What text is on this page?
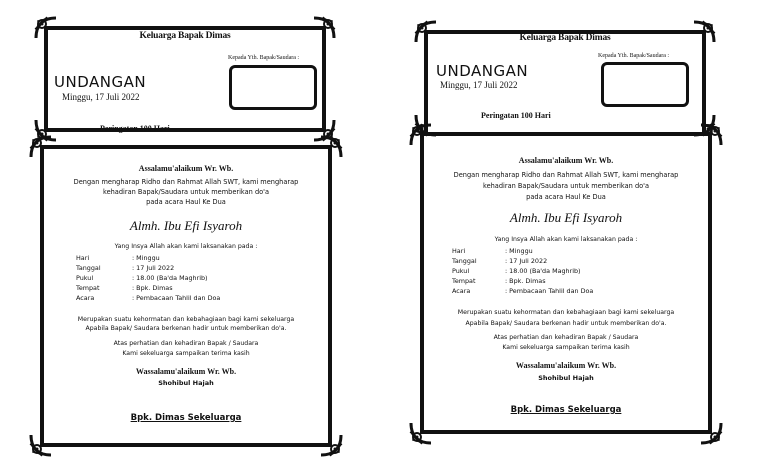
Keluarga Bapak Dimas
Kepada Yth. Bapak/Saudara :
UNDANGAN
Minggu, 17 Juli 2022
Peringatan 100 Hari
Assalamu'alaikum Wr. Wb.
Dengan mengharap Ridho dan Rahmat Allah SWT, kami mengharap
kehadiran Bapak/Saudara untuk memberikan do'a
pada acara Haul Ke Dua
Almh. Ibu Efi Isyaroh
Yang Insya Allah akan kami laksanakan pada :
Hari	: Minggu
Tanggal	: 17 Juli 2022
Pukul	: 18.00 (Ba'da Maghrib)
Tempat	: Bpk. Dimas
Acara	: Pembacaan Tahlil dan Doa
Merupakan suatu kehormatan dan kebahagiaan bagi kami sekeluarga
Apabila Bapak/ Saudara berkenan hadir untuk memberikan do'a.
Atas perhatian dan kehadiran Bapak / Saudara
Kami sekeluarga sampaikan terima kasih
Wassalamu'alaikum Wr. Wb.
Shohibul Hajah
Bpk. Dimas Sekeluarga
Keluarga Bapak Dimas
Kepada Yth. Bapak/Saudara :
UNDANGAN
Minggu, 17 Juli 2022
Peringatan 100 Hari
Assalamu'alaikum Wr. Wb.
Dengan mengharap Ridho dan Rahmat Allah SWT, kami mengharap
kehadiran Bapak/Saudara untuk memberikan do'a
pada acara Haul Ke Dua
Almh. Ibu Efi Isyaroh
Yang Insya Allah akan kami laksanakan pada :
Hari	: Minggu
Tanggal	: 17 Juli 2022
Pukul	: 18.00 (Ba'da Maghrib)
Tempat	: Bpk. Dimas
Acara	: Pembacaan Tahlil dan Doa
Merupakan suatu kehormatan dan kebahagiaan bagi kami sekeluarga
Apabila Bapak/ Saudara berkenan hadir untuk memberikan do'a.
Atas perhatian dan kehadiran Bapak / Saudara
Kami sekeluarga sampaikan terima kasih
Wassalamu'alaikum Wr. Wb.
Shohibul Hajah
Bpk. Dimas Sekeluarga
